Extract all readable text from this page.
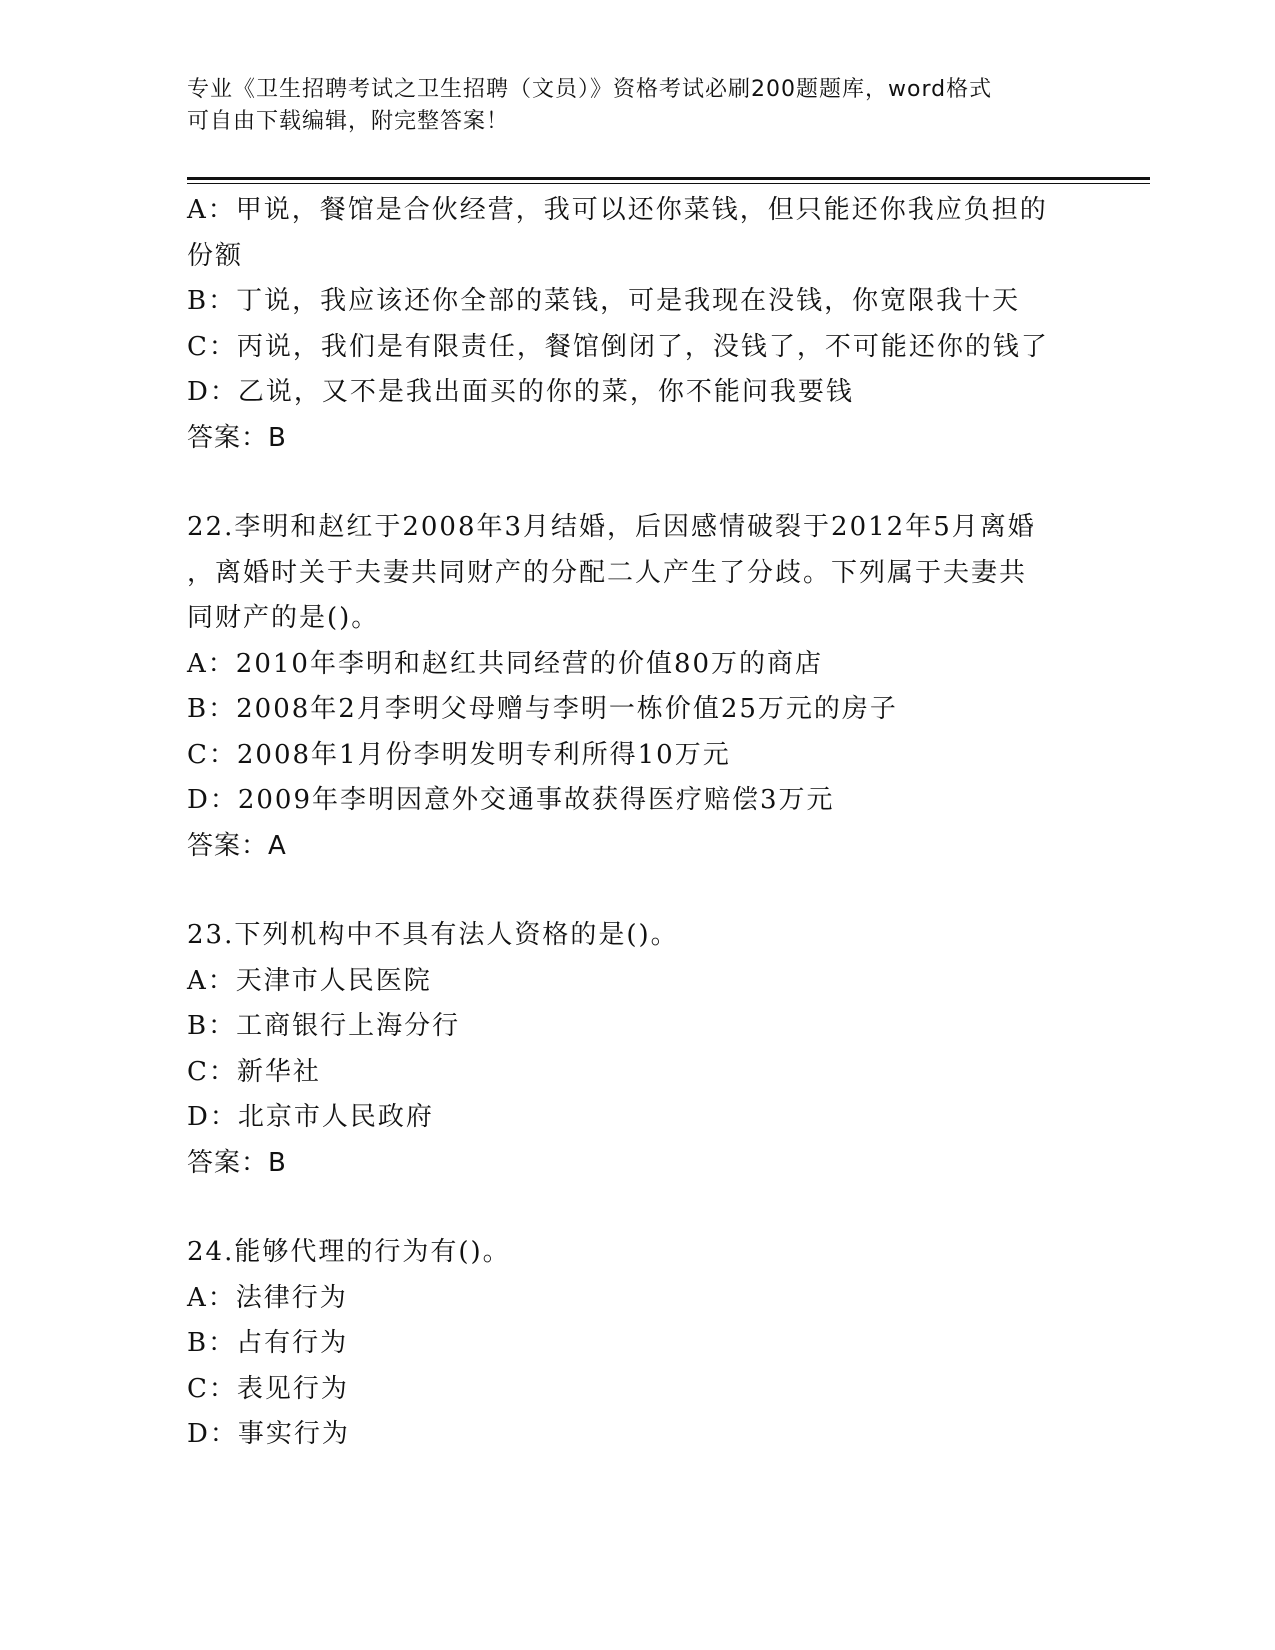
专业《卫生招聘考试之卫生招聘（文员）》资格考试必刷200题题库，word格式
可自由下载编辑，附完整答案！
A：甲说，餐馆是合伙经营，我可以还你菜钱，但只能还你我应负担的
份额
B：丁说，我应该还你全部的菜钱，可是我现在没钱，你宽限我十天
C：丙说，我们是有限责任，餐馆倒闭了，没钱了，不可能还你的钱了
D：乙说，又不是我出面买的你的菜，你不能问我要钱
答案：B
22.李明和赵红于2008年3月结婚，后因感情破裂于2012年5月离婚
，离婚时关于夫妻共同财产的分配二人产生了分歧。下列属于夫妻共
同财产的是()。
A：2010年李明和赵红共同经营的价值80万的商店
B：2008年2月李明父母赠与李明一栋价值25万元的房子
C：2008年1月份李明发明专利所得10万元
D：2009年李明因意外交通事故获得医疗赔偿3万元
答案：A
23.下列机构中不具有法人资格的是()。
A：天津市人民医院
B：工商银行上海分行
C：新华社
D：北京市人民政府
答案：B
24.能够代理的行为有()。
A：法律行为
B：占有行为
C：表见行为
D：事实行为
